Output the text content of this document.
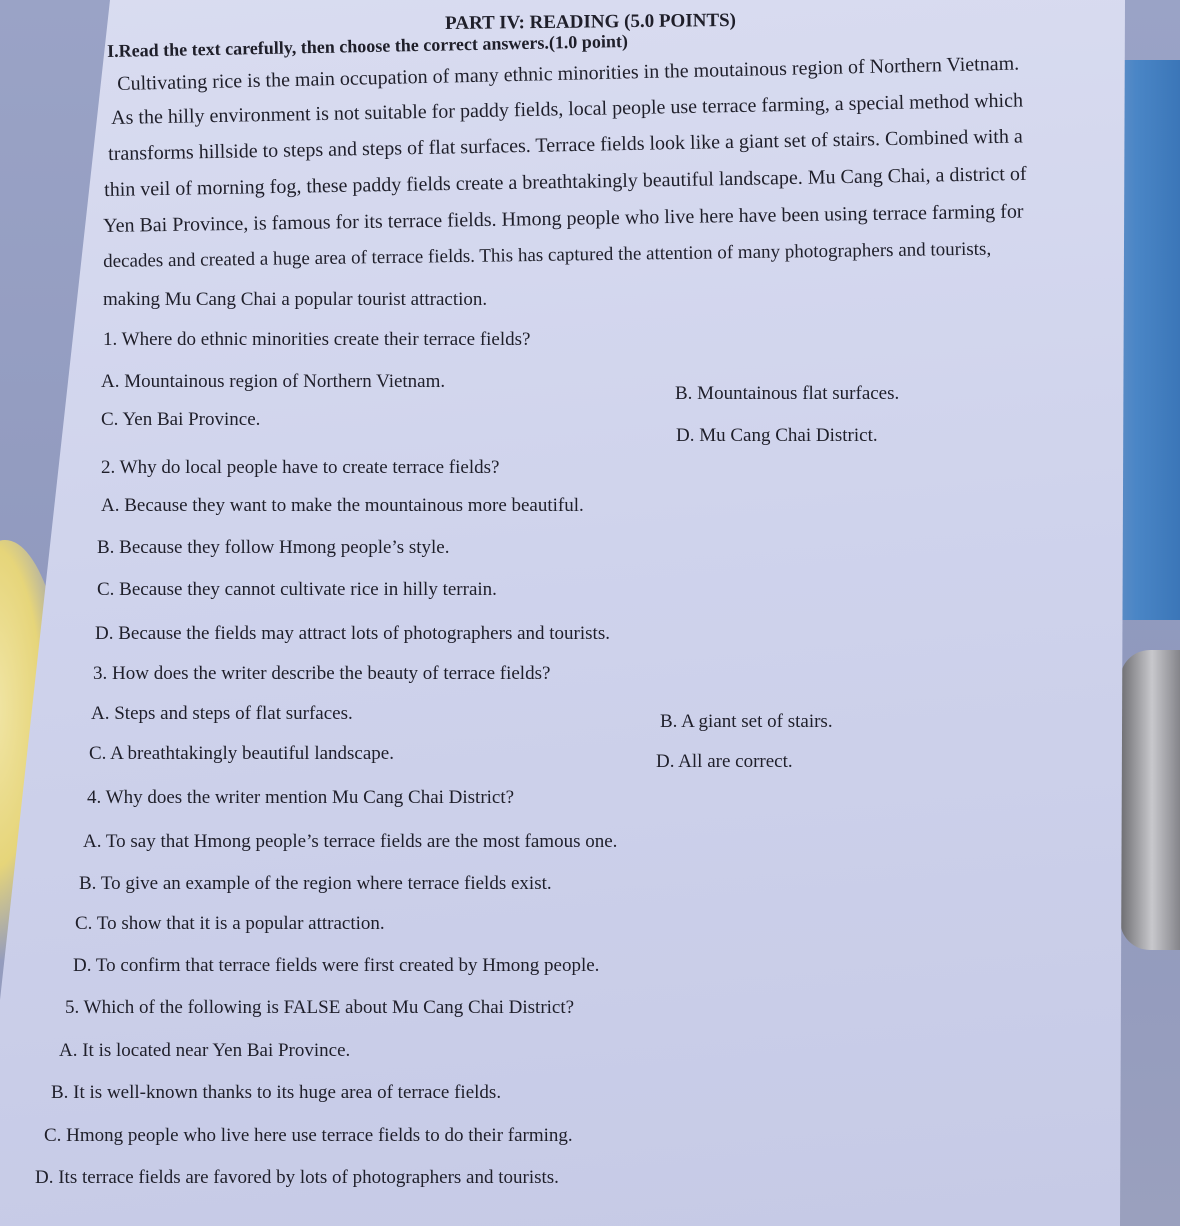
PART IV: READING (5.0 POINTS)
I.Read the text carefully, then choose the correct answers.(1.0 point)
Cultivating rice is the main occupation of many ethnic minorities in the moutainous region of Northern Vietnam.
As the hilly environment is not suitable for paddy fields, local people use terrace farming, a special method which
transforms hillside to steps and steps of flat surfaces. Terrace fields look like a giant set of stairs. Combined with a
thin veil of morning fog, these paddy fields create a breathtakingly beautiful landscape. Mu Cang Chai, a district of
Yen Bai Province, is famous for its terrace fields. Hmong people who live here have been using terrace farming for
decades and created a huge area of terrace fields. This has captured the attention of many photographers and tourists,
making Mu Cang Chai a popular tourist attraction.
1. Where do ethnic minorities create their terrace fields?
A. Mountainous region of Northern Vietnam.
B. Mountainous flat surfaces.
C. Yen Bai Province.
D. Mu Cang Chai District.
2. Why do local people have to create terrace fields?
A. Because they want to make the mountainous more beautiful.
B. Because they follow Hmong people’s style.
C. Because they cannot cultivate rice in hilly terrain.
D. Because the fields may attract lots of photographers and tourists.
3. How does the writer describe the beauty of terrace fields?
A. Steps and steps of flat surfaces.	B. A giant set of stairs.
C. A breathtakingly beautiful landscape.	D. All are correct.
4. Why does the writer mention Mu Cang Chai District?
A. To say that Hmong people’s terrace fields are the most famous one.
B. To give an example of the region where terrace fields exist.
C. To show that it is a popular attraction.
D. To confirm that terrace fields were first created by Hmong people.
5. Which of the following is FALSE about Mu Cang Chai District?
A. It is located near Yen Bai Province.
B. It is well-known thanks to its huge area of terrace fields.
C. Hmong people who live here use terrace fields to do their farming.
D. Its terrace fields are favored by lots of photographers and tourists.
